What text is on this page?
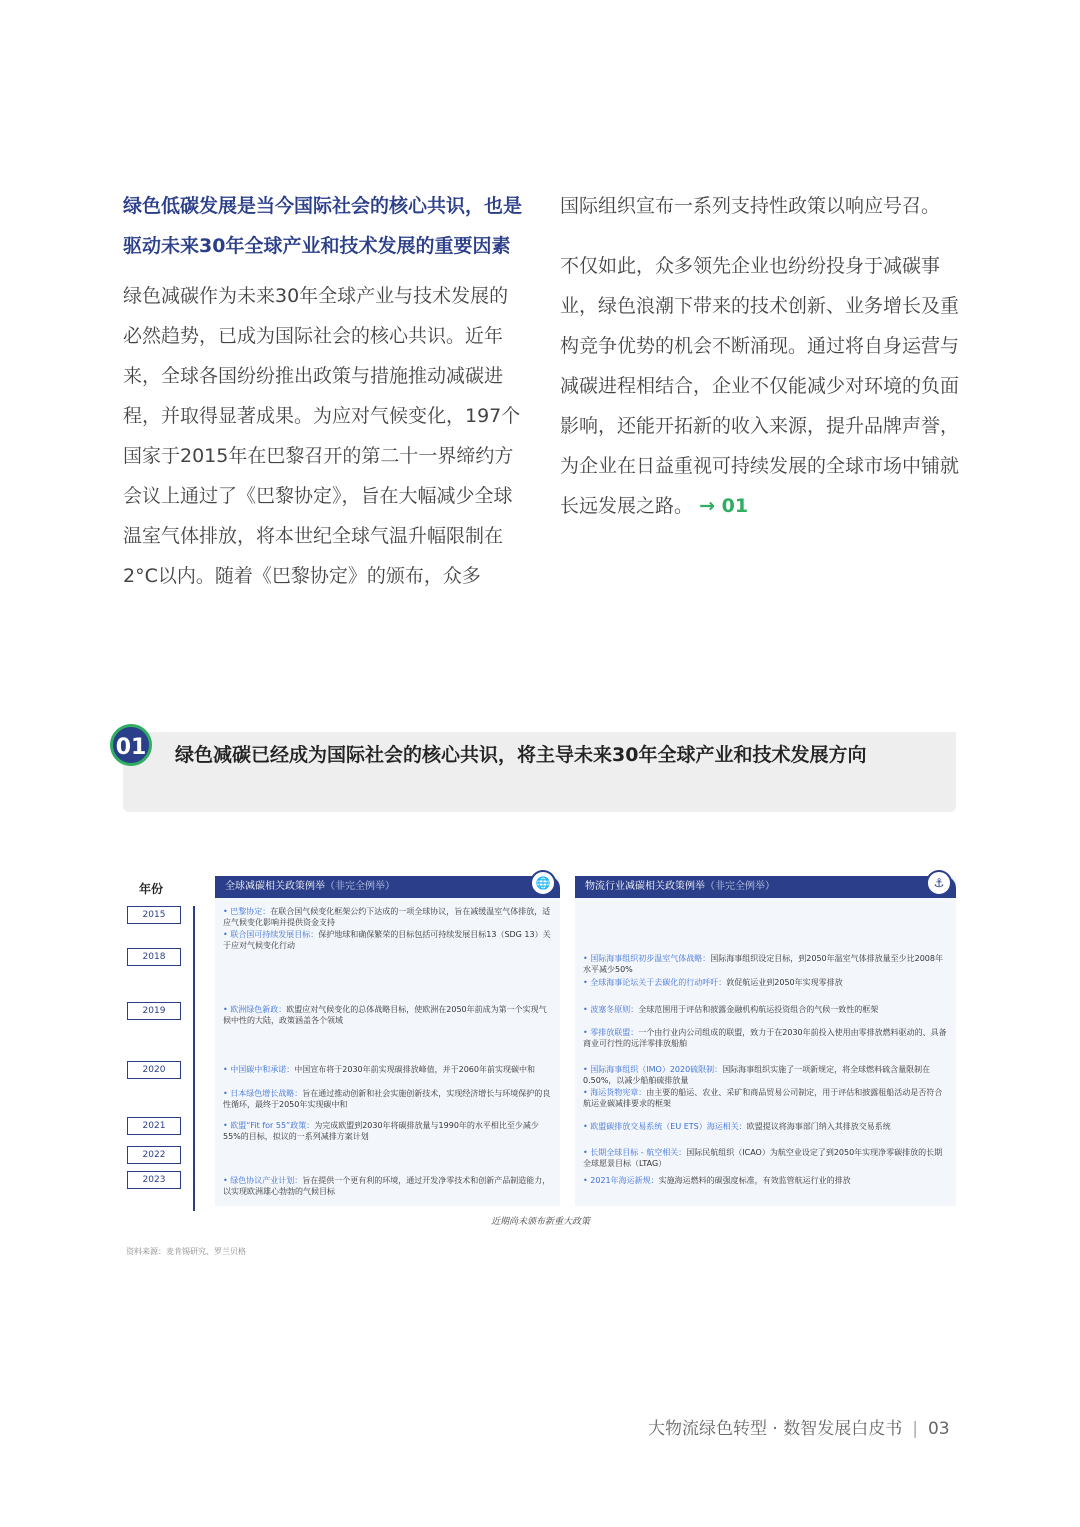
绿色低碳发展是当今国际社会的核心共识，也是驱动未来30年全球产业和技术发展的重要因素

绿色减碳作为未来30年全球产业与技术发展的必然趋势，已成为国际社会的核心共识。近年来，全球各国纷纷推出政策与措施推动减碳进程，并取得显著成果。为应对气候变化，197个国家于2015年在巴黎召开的第二十一界缔约方会议上通过了《巴黎协定》，旨在大幅减少全球温室气体排放，将本世纪全球气温升幅限制在2°C以内。随着《巴黎协定》的颁布，众多

国际组织宣布一系列支持性政策以响应号召。

不仅如此，众多领先企业也纷纷投身于减碳事业，绿色浪潮下带来的技术创新、业务增长及重构竞争优势的机会不断涌现。通过将自身运营与减碳进程相结合，企业不仅能减少对环境的负面影响，还能开拓新的收入来源，提升品牌声誉，为企业在日益重视可持续发展的全球市场中铺就长远发展之路。 → 01

01 绿色减碳已经成为国际社会的核心共识，将主导未来30年全球产业和技术发展方向
年份
2015
2018
2019
2020
2021
2022
2023
全球减碳相关政策例举（非完全例举）	🌐
• 巴黎协定：在联合国气候变化框架公约下达成的一项全球协议，旨在减缓温室气体排放，适应气候变化影响并提供资金支持
• 联合国可持续发展目标：保护地球和确保繁荣的目标包括可持续发展目标13（SDG 13）关于应对气候变化行动
• 欧洲绿色新政：欧盟应对气候变化的总体战略目标，使欧洲在2050年前成为第一个实现气候中性的大陆，政策涵盖各个领域
• 中国碳中和承诺：中国宣布将于2030年前实现碳排放峰值，并于2060年前实现碳中和
• 日本绿色增长战略：旨在通过推动创新和社会实施创新技术，实现经济增长与环境保护的良性循环，最终于2050年实现碳中和
• 欧盟“Fit for 55”政策：为完成欧盟到2030年将碳排放量与1990年的水平相比至少减少55%的目标，拟议的一系列减排方案计划
• 绿色协议产业计划：旨在提供一个更有利的环境，通过开发净零技术和创新产品制造能力，以实现欧洲雄心勃勃的气候目标
物流行业减碳相关政策例举（非完全例举）	⚓
• 国际海事组织初步温室气体战略：国际海事组织设定目标，到2050年温室气体排放量至少比2008年水平减少50%
• 全球海事论坛关于去碳化的行动呼吁：敦促航运业到2050年实现零排放
• 波塞冬原则：全球范围用于评估和披露金融机构航运投资组合的气候一致性的框架
• 零排放联盟：一个由行业内公司组成的联盟，致力于在2030年前投入使用由零排放燃料驱动的、具备商业可行性的远洋零排放船舶
• 国际海事组织（IMO）2020硫限制：国际海事组织实施了一项新规定，将全球燃料硫含量限制在0.50%，以减少船舶硫排放量
• 海运货物宪章：由主要的船运、农业、采矿和商品贸易公司制定，用于评估和披露租船活动是否符合航运业碳减排要求的框架
• 欧盟碳排放交易系统（EU ETS）海运相关：欧盟提议将海事部门纳入其排放交易系统
• 长期全球目标 - 航空相关：国际民航组织（ICAO）为航空业设定了到2050年实现净零碳排放的长期全球愿景目标（LTAG）
• 2021年海运新规：实施海运燃料的碳强度标准，有效监管航运行业的排放
近期尚未颁布新重大政策
资料来源：麦肯锡研究、罗兰贝格
大物流绿色转型 · 数智发展白皮书 | 03
